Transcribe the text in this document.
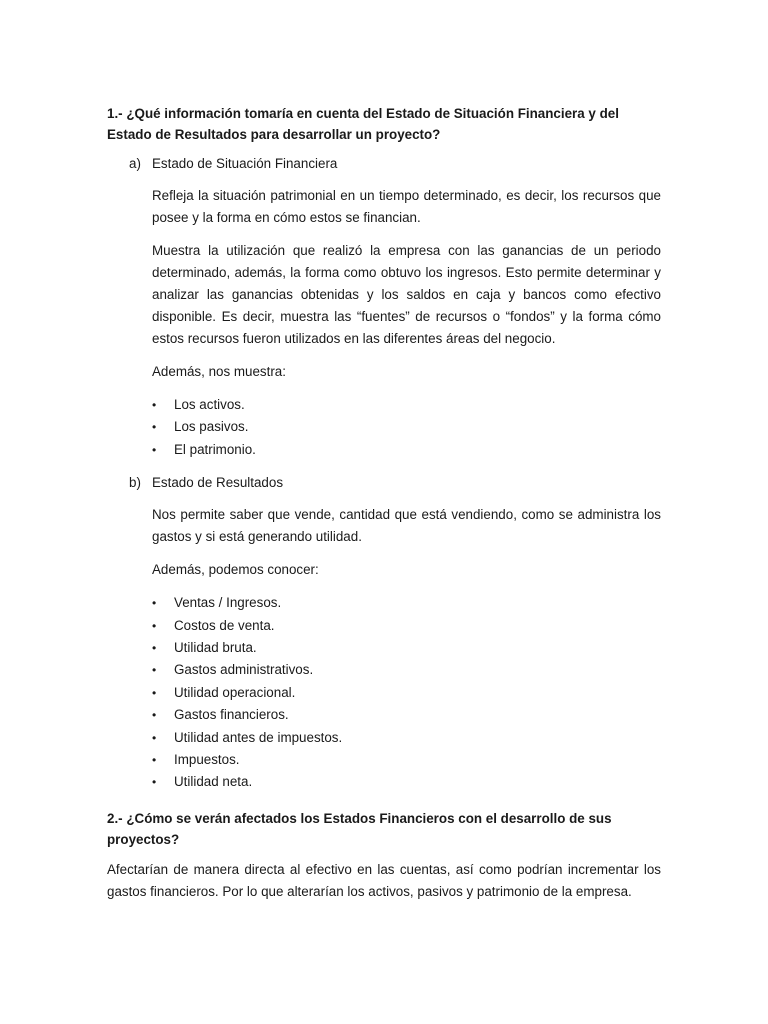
1.- ¿Qué información tomaría en cuenta del Estado de Situación Financiera y del Estado de Resultados para desarrollar un proyecto?
a) Estado de Situación Financiera

Refleja la situación patrimonial en un tiempo determinado, es decir, los recursos que posee y la forma en cómo estos se financian.

Muestra la utilización que realizó la empresa con las ganancias de un periodo determinado, además, la forma como obtuvo los ingresos. Esto permite determinar y analizar las ganancias obtenidas y los saldos en caja y bancos como efectivo disponible. Es decir, muestra las “fuentes” de recursos o “fondos” y la forma cómo estos recursos fueron utilizados en las diferentes áreas del negocio.

Además, nos muestra:

•	Los activos.
•	Los pasivos.
•	El patrimonio.
b) Estado de Resultados

Nos permite saber que vende, cantidad que está vendiendo, como se administra los gastos y si está generando utilidad.

Además, podemos conocer:

•	Ventas / Ingresos.
•	Costos de venta.
•	Utilidad bruta.
•	Gastos administrativos.
•	Utilidad operacional.
•	Gastos financieros.
•	Utilidad antes de impuestos.
•	Impuestos.
•	Utilidad neta.
2.- ¿Cómo se verán afectados los Estados Financieros con el desarrollo de sus proyectos?

Afectarían de manera directa al efectivo en las cuentas, así como podrían incrementar los gastos financieros. Por lo que alterarían los activos, pasivos y patrimonio de la empresa.
